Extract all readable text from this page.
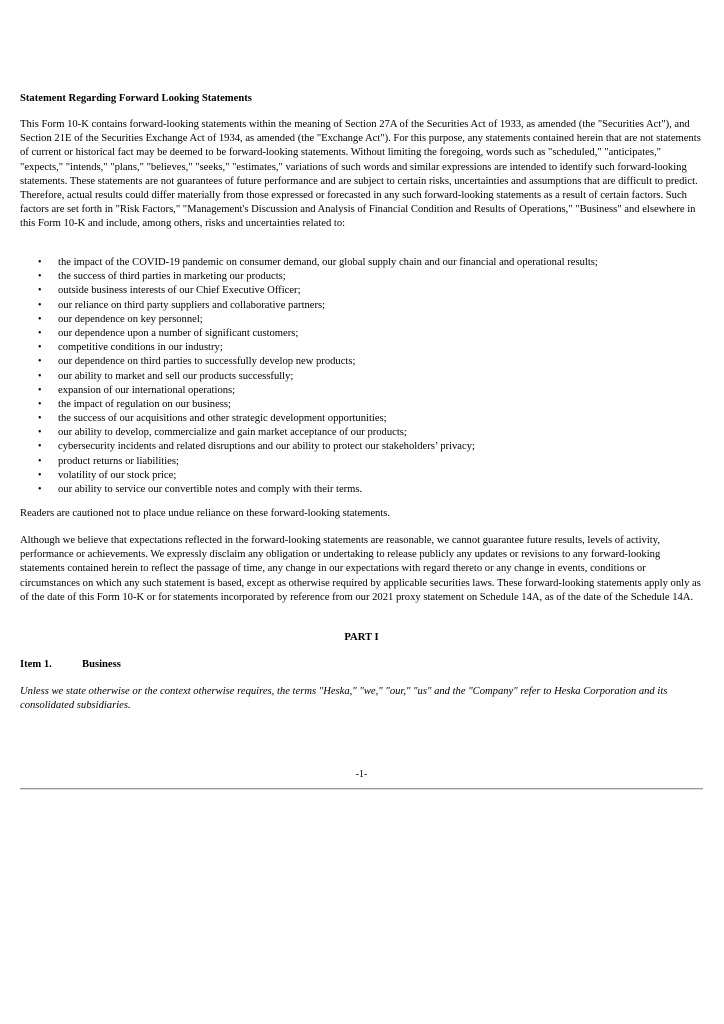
Statement Regarding Forward Looking Statements

This Form 10-K contains forward-looking statements within the meaning of Section 27A of the Securities Act of 1933, as amended (the "Securities Act"), and Section 21E of the Securities Exchange Act of 1934, as amended (the "Exchange Act"). For this purpose, any statements contained herein that are not statements of current or historical fact may be deemed to be forward-looking statements. Without limiting the foregoing, words such as "scheduled," "anticipates," "expects," "intends," "plans," "believes," "seeks," "estimates," variations of such words and similar expressions are intended to identify such forward-looking statements. These statements are not guarantees of future performance and are subject to certain risks, uncertainties and assumptions that are difficult to predict. Therefore, actual results could differ materially from those expressed or forecasted in any such forward-looking statements as a result of certain factors. Such factors are set forth in "Risk Factors," "Management's Discussion and Analysis of Financial Condition and Results of Operations," "Business" and elsewhere in this Form 10-K and include, among others, risks and uncertainties related to:

• the impact of the COVID-19 pandemic on consumer demand, our global supply chain and our financial and operational results;
• the success of third parties in marketing our products;
• outside business interests of our Chief Executive Officer;
• our reliance on third party suppliers and collaborative partners;
• our dependence on key personnel;
• our dependence upon a number of significant customers;
• competitive conditions in our industry;
• our dependence on third parties to successfully develop new products;
• our ability to market and sell our products successfully;
• expansion of our international operations;
• the impact of regulation on our business;
• the success of our acquisitions and other strategic development opportunities;
• our ability to develop, commercialize and gain market acceptance of our products;
• cybersecurity incidents and related disruptions and our ability to protect our stakeholders’ privacy;
• product returns or liabilities;
• volatility of our stock price;
• our ability to service our convertible notes and comply with their terms.

Readers are cautioned not to place undue reliance on these forward-looking statements.

Although we believe that expectations reflected in the forward-looking statements are reasonable, we cannot guarantee future results, levels of activity, performance or achievements. We expressly disclaim any obligation or undertaking to release publicly any updates or revisions to any forward-looking statements contained herein to reflect the passage of time, any change in our expectations with regard thereto or any change in events, conditions or circumstances on which any such statement is based, except as otherwise required by applicable securities laws. These forward-looking statements apply only as of the date of this Form 10-K or for statements incorporated by reference from our 2021 proxy statement on Schedule 14A, as of the date of the Schedule 14A.

PART I
Item 1.	Business

Unless we state otherwise or the context otherwise requires, the terms "Heska," "we," "our," "us" and the "Company" refer to Heska Corporation and its consolidated subsidiaries.

-1-
